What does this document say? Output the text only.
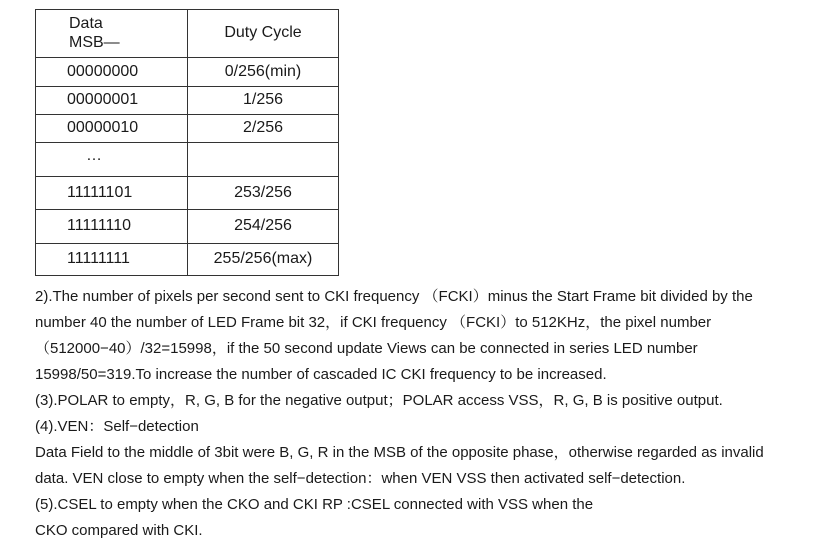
Data
MSB—	Duty Cycle
00000000	0/256(min)
00000001	1/256
00000010	2/256
…	
11111101	253/256
11111110	254/256
11111111	255/256(max)

2).The number of pixels per second sent to CKI frequency （FCKI）minus the Start Frame bit divided by the

number 40 the number of LED Frame bit 32，if CKI frequency （FCKI）to 512KHz，the pixel number

（512000−40）/32=15998，if the 50 second update Views can be connected in series LED number

15998/50=319.To increase the number of cascaded IC CKI frequency to be increased.

(3).POLAR to empty，R, G, B for the negative output；POLAR access VSS，R, G, B is positive output.

(4).VEN：Self−detection

Data Field to the middle of 3bit were B, G, R in the MSB of the opposite phase，otherwise regarded as invalid

data. VEN close to empty when the self−detection：when VEN VSS then activated self−detection.

(5).CSEL to empty when the CKO and CKI RP :CSEL connected with VSS when the

CKO compared with CKI.
